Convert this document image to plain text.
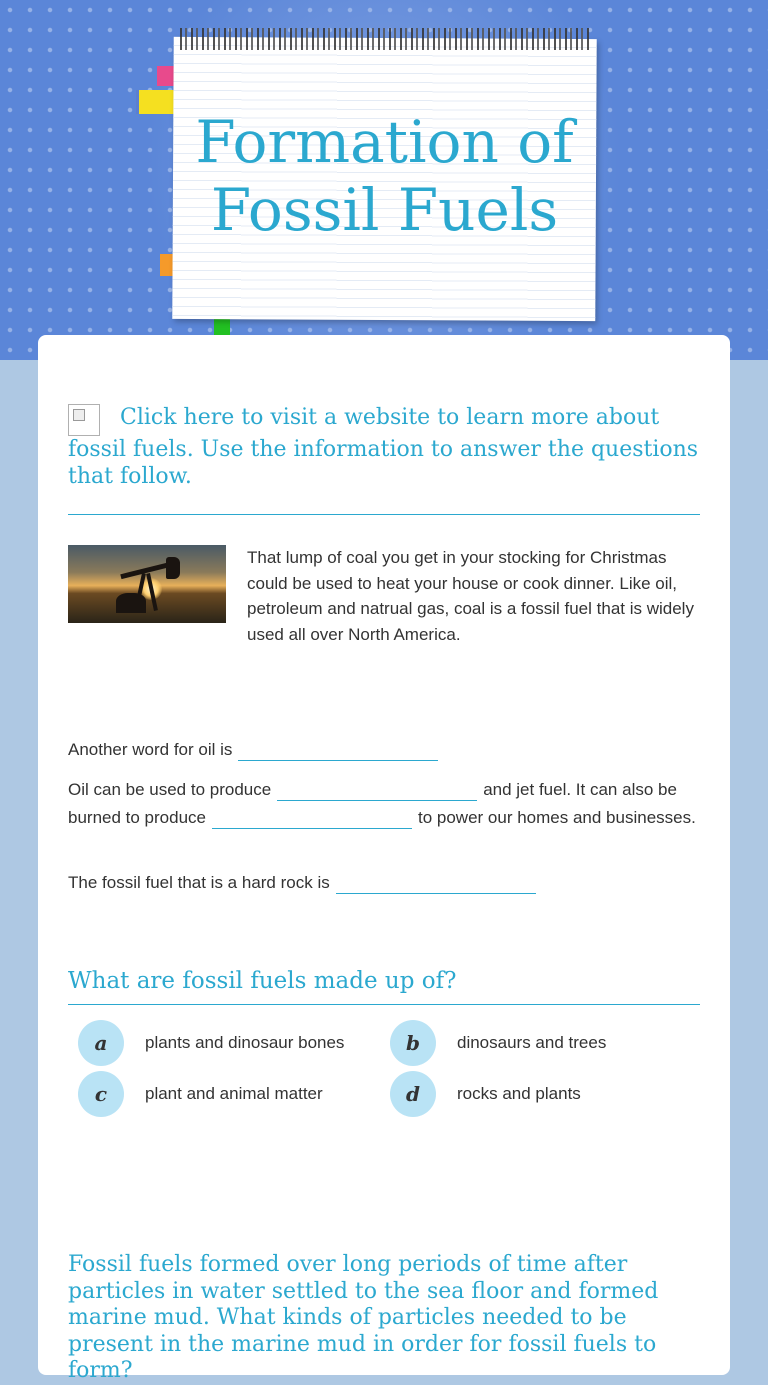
Formation of
Fossil Fuels
Click here to visit a website to learn more about fossil fuels. Use the information to answer the questions that follow.
That lump of coal you get in your stocking for Christmas could be used to heat your house or cook dinner. Like oil, petroleum and natrual gas, coal is a fossil fuel that is widely used all over North America.
Another word for oil is
Oil can be used to produce	and jet fuel. It can also be burned to produce	to power our homes and businesses.
The fossil fuel that is a hard rock is
What are fossil fuels made up of?
a	plants and dinosaur bones	b	dinosaurs and trees
c	plant and animal matter	d	rocks and plants
Fossil fuels formed over long periods of time after particles in water settled to the sea floor and formed marine mud. What kinds of particles needed to be present in the marine mud in order for fossil fuels to form?
